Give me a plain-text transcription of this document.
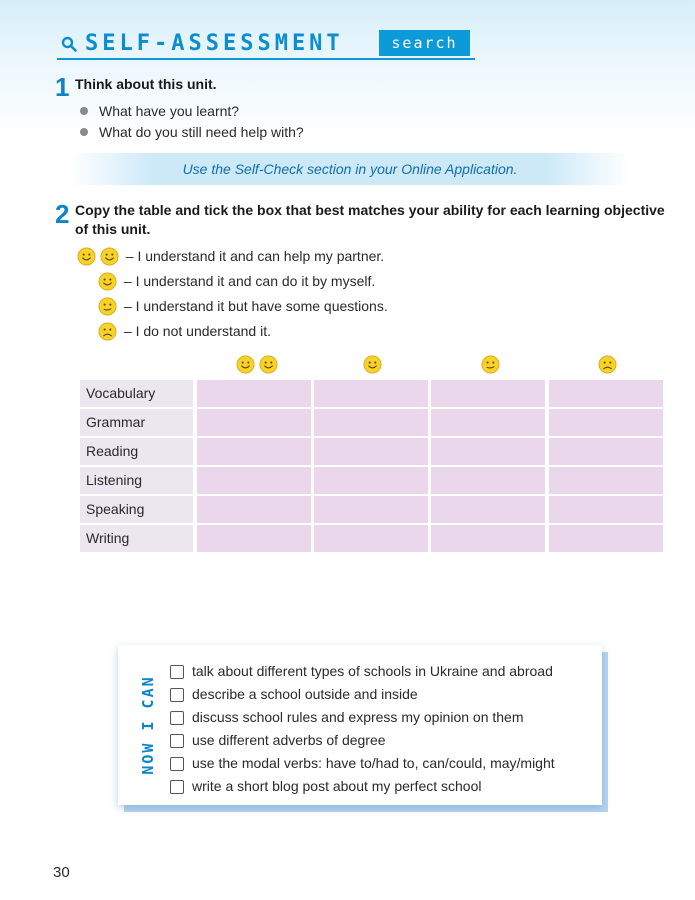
SELF-ASSESSMENT	search
1 Think about this unit.
What have you learnt?
What do you still need help with?
Use the Self-Check section in your Online Application.
2 Copy the table and tick the box that best matches your ability for each learning objective
of this unit.
– I understand it and can help my partner.
– I understand it and can do it by myself.
– I understand it but have some questions.
– I do not understand it.

Vocabulary
Grammar
Reading
Listening
Speaking
Writing
NOW I CAN
talk about different types of schools in Ukraine and abroad
describe a school outside and inside
discuss school rules and express my opinion on them
use different adverbs of degree
use the modal verbs: have to/had to, can/could, may/might
write a short blog post about my perfect school
30
